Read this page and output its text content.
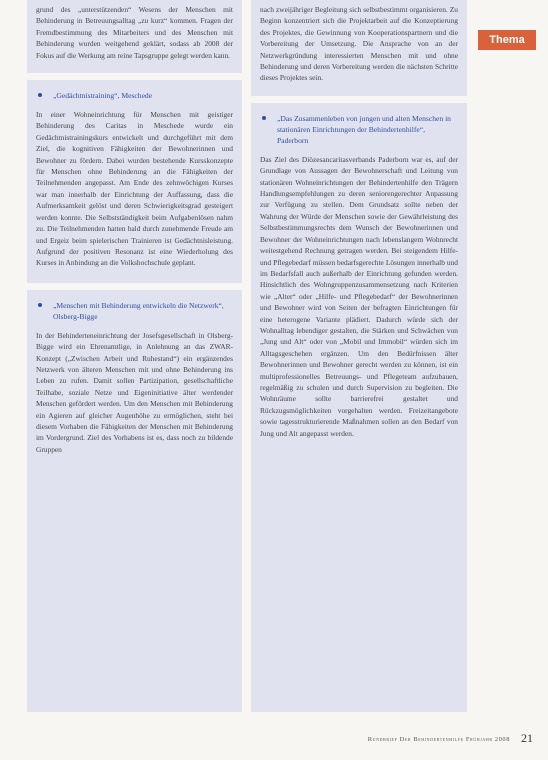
Thema
grund des „unterstützenden“ Wesens der Menschen mit Behinderung in Betreuungsalltag „zu kurz“ kommen. Fragen der Fremdbestimmung des Mitarbeiters und des Menschen mit Behinderung wurden weitgehend geklärt, sodass ab 2008 der Fokus auf die Werkung am reine Tapsgruppe gelegt werden kann.
„Gedächtnistraining“, Meschede
In einer Wohneinrichtung für Menschen mit geistiger Behinderung des Caritas in Meschede wurde ein Gedächtnistrainingskurs entwickelt und durchgeführt mit dem Ziel, die kognitiven Fähigkeiten der Bewohnerinnen und Bewohner zu fördern. Dabei wurden bestehende Kursskonzepte für Menschen ohne Behinderung an die Fähigkeiten der Teilnehmenden angepasst. Am Ende des zehnwöchigen Kurses war man innerhalb der Einrichtung der Auffassung, dass die Aufmerksamkeit gelöst und deren Schwierigkeitsgrad gesteigert werden konnte. Die Selbstständigkeit beim Aufgabenlösen nahm zu. Die Teilnehmenden hatten bald durch zunehmende Freude am und Ergeiz beim spielerischen Trainieren ist Gedächtnisleistung. Aufgrund der positiven Resonanz ist eine Wiederholung des Kurses in Anbindung an die Volkshochschule geplant.
„Menschen mit Behinderung entwickeln die Netzwerk“, Olsberg-Bigge
In der Behinderteneinrichtung der Josefsgesellschaft in Olsberg-Bigge wird ein Ehrenamtlige, in Anlehnung an das ZWAR-Konzept („Zwischen Arbeit und Ruhestand“) ein ergänzendes Netzwerk von älteren Menschen mit und ohne Behinderung ins Leben zu rufen. Damit sollen Partizipation, gesellschaftliche Teilhabe, soziale Netze und Eigeninitiative älter werdender Menschen gefördert werden. Um den Menschen mit Behinderung ein Agieren auf gleicher Augenhöhe zu ermöglichen, steht bei diesem Vorhaben die Fähigkeiten der Menschen mit Behinderung im Vordergrund. Ziel des Vorhabens ist es, dass noch zu bildende Gruppen
nach zweijähriger Begleitung sich selbstbestimmt organisieren. Zu Beginn konzentriert sich die Projektarbeit auf die Konzeptierung des Projektes, die Gewinnung von Kooperationspartnern und die Vorbereitung der Umsetzung. Die Ansprache von an der Netzwerkgründung interessierten Menschen mit und ohne Behinderung und deren Vorbereitung werden die nächsten Schritte dieses Projektes sein.
„Das Zusammenleben von jungen und alten Menschen in stationären Einrichtungen der Behindertenhilfe“, Paderborn
Das Ziel des Diözesancaritasverbands Paderborn war es, auf der Grundlage von Aussagen der Bewohnerschaft und Leitung von stationären Wohneinrichtungen der Behindertenhilfe den Trägern Handlungsempfehlungen zu deren seniorengerechter Anpassung zur Verfügung zu stellen. Dem Grundsatz sollte neben der Wahrung der Würde der Menschen sowie der Gewährleistung des Selbstbestimmungsrechts dem Wunsch der Bewohnerinnen und Bewohner der Wohneinrichtungen nach lebenslangem Wohnrecht weitestgehend Rechnung getragen werden. Bei steigendem Hilfe- und Pflegebedarf müssen bedarfsgerechte Lösungen innerhalb und im Bedarfsfall auch außerhalb der Einrichtung gefunden werden. Hinsichtlich des Wohngruppenzusammensetzung nach Kriterien wie „Alter“ oder „Hilfe- und Pflegebedarf“ der Bewohnerinnen und Bewohner wird von Seiten der befragten Einrichtungen für eine heterogene Variante plädiert. Dadurch würde sich der Wohnalltag lebendiger gestalten, die Stärken und Schwächen von „Jung und Alt“ oder von „Mobil und Immobil“ würden sich im Alltagsgeschehen ergänzen. Um den Bedürfnissen älter Bewohnerinnen und Bewohner gerecht werden zu können, ist ein multiprofessionelles Betreuungs- und Pflegeteam aufzubauen, regelmäßig zu schulen und durch Supervision zu begleiten. Die Wohnräume sollte barrierefrei gestaltet und Rückzugsmöglichkeiten vorgehalten werden. Freizeitangebote sowie tagesstrukturierende Maßnahmen sollen an den Bedarf von Jung und Alt angepasst werden.
Rundbrief Der Behindertenhilfe Frühjahr 2008 21
